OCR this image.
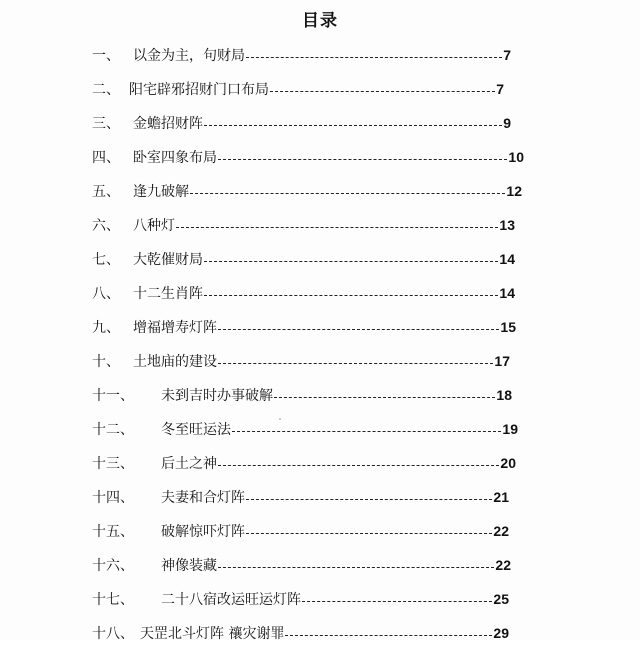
目录
一、 以金为主，句财局	7
二、 阳宅辟邪招财门口布局	7
三、 金蟾招财阵	9
四、 卧室四象布局	10
五、 逢九破解	12
六、 八种灯	13
七、 大乾催财局	14
八、 十二生肖阵	14
九、 增福增寿灯阵	15
十、 土地庙的建设	17
十一、	未到吉时办事破解	18
十二、	冬至旺运法	19
十三、	后土之神	20
十四、	夫妻和合灯阵	21
十五、	破解惊吓灯阵	22
十六、	神像装藏	22
十七、	二十八宿改运旺运灯阵	25
十八、 天罡北斗灯阵 禳灾谢罪	29
